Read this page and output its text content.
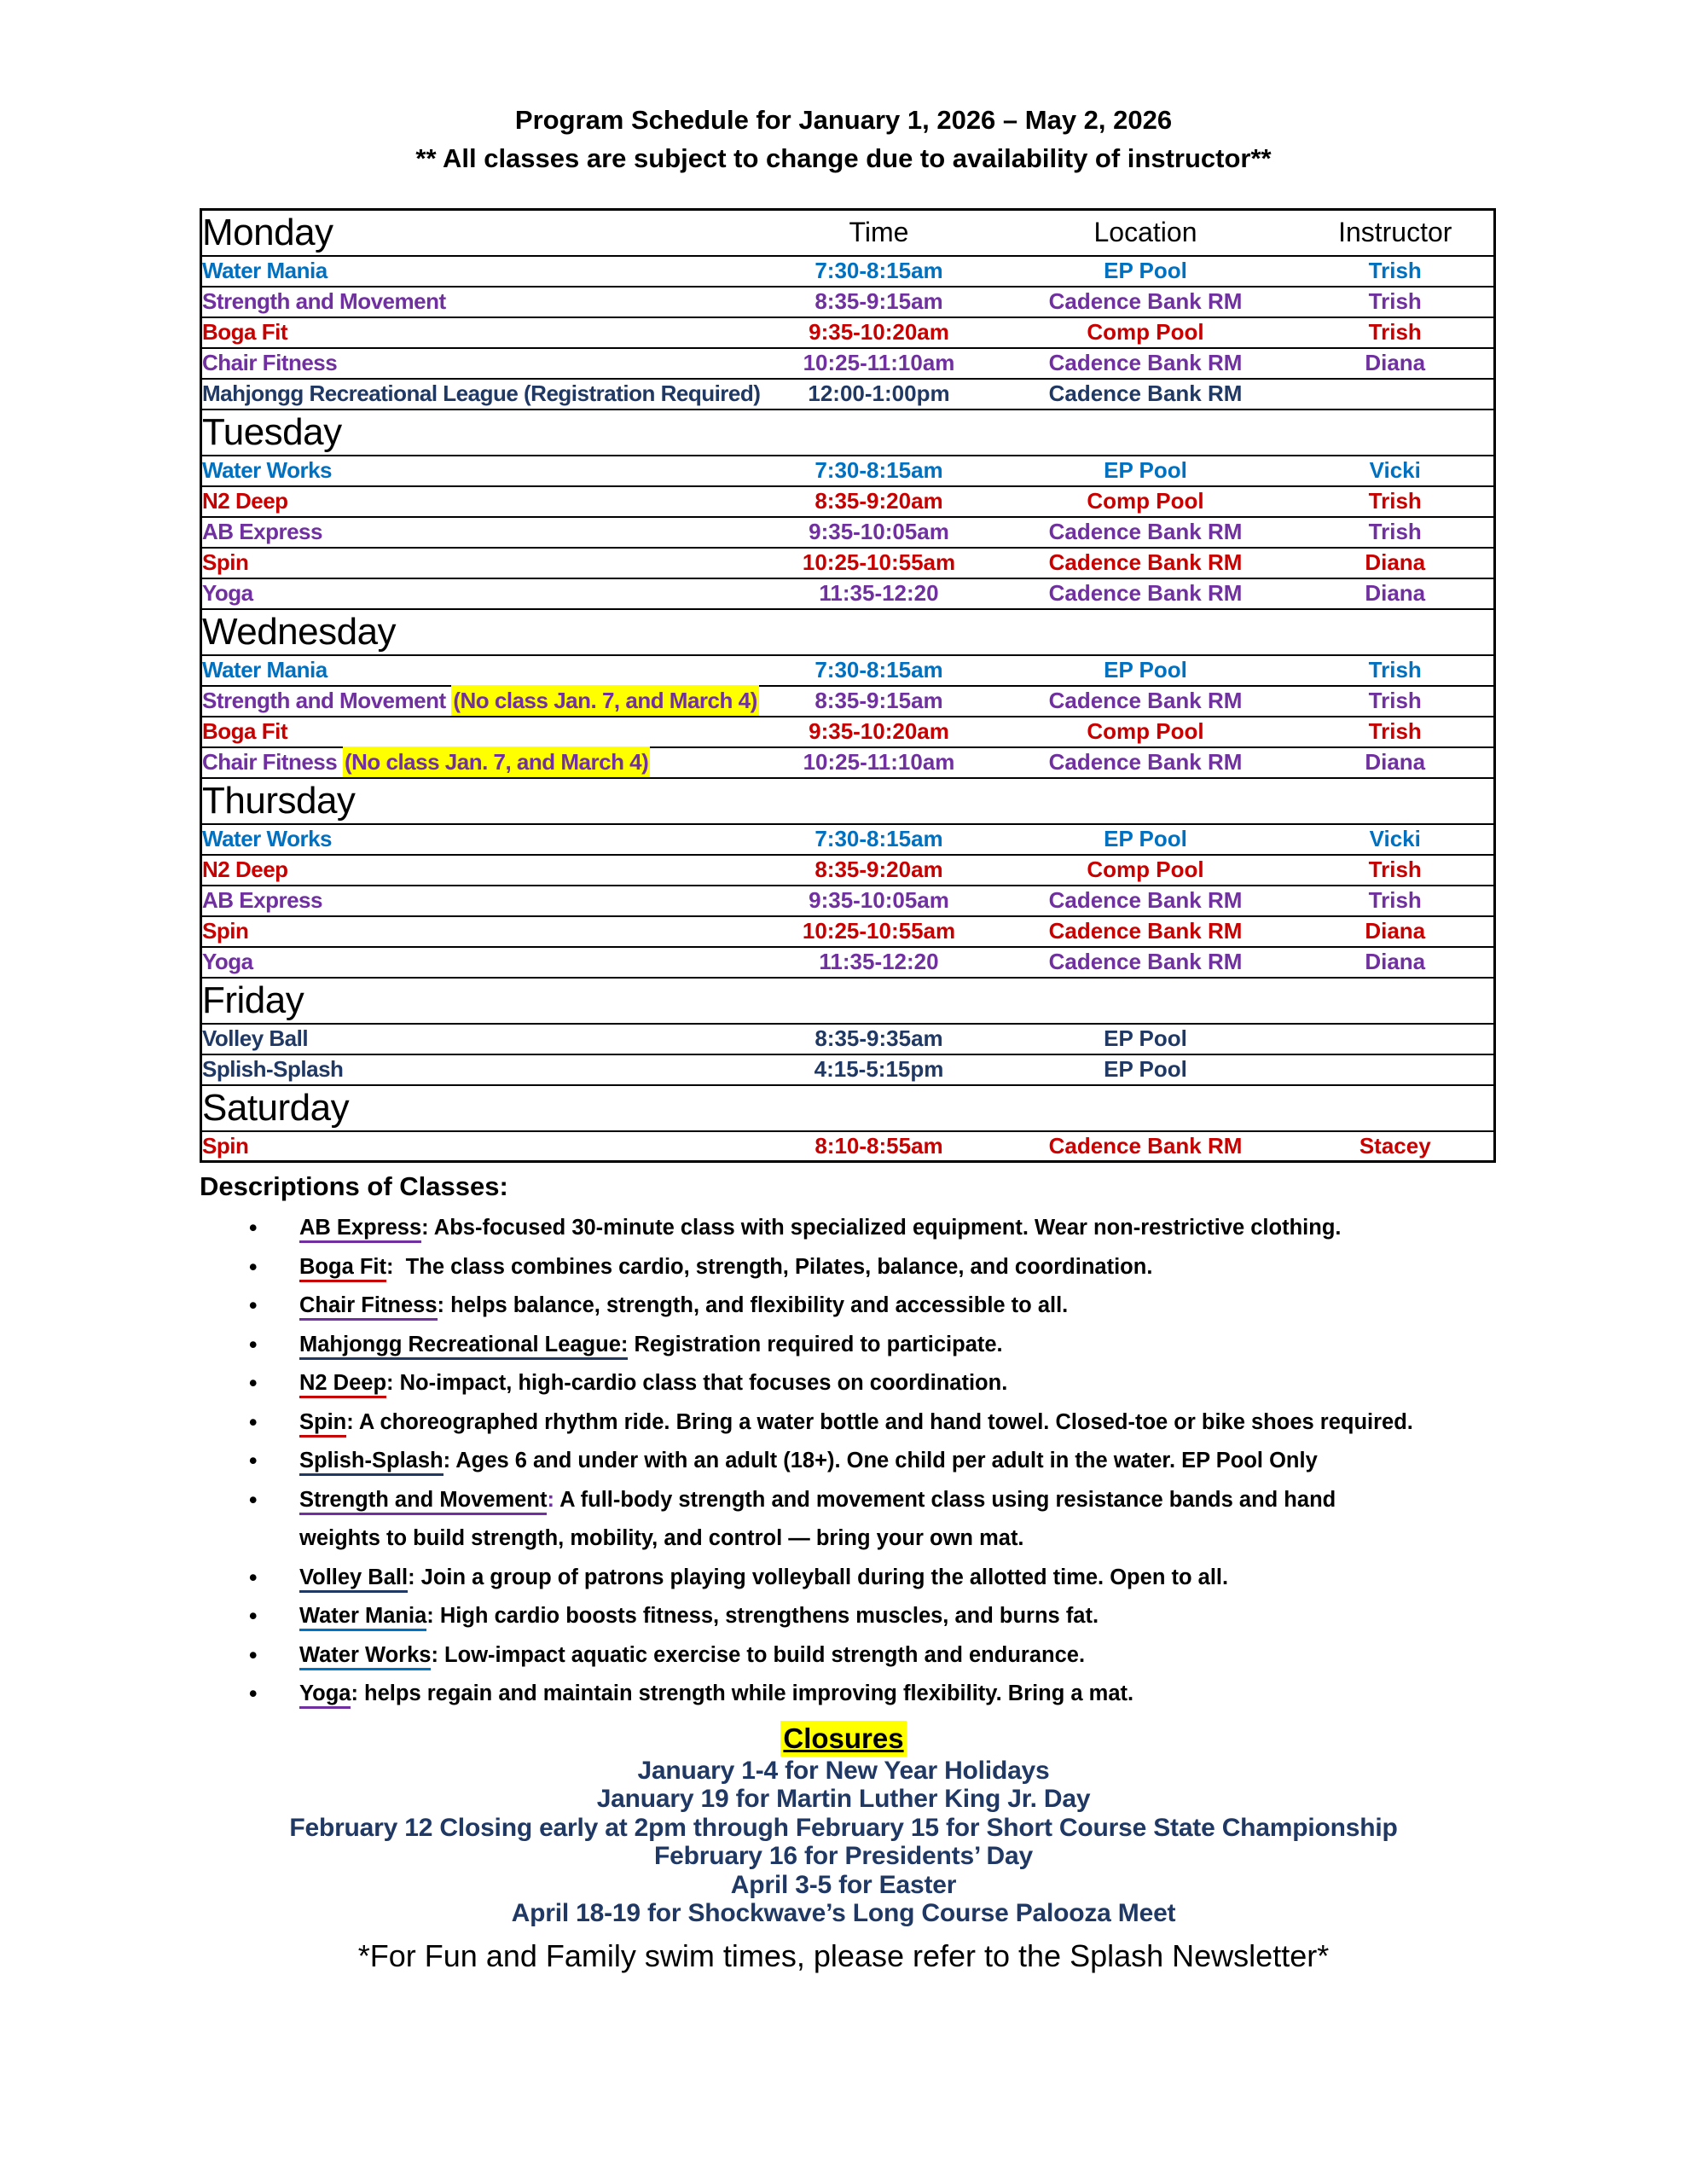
Program Schedule for January 1, 2026 – May 2, 2026
** All classes are subject to change due to availability of instructor**
Monday	Time	Location	Instructor
Water Mania	7:30-8:15am	EP Pool	Trish
Strength and Movement	8:35-9:15am	Cadence Bank RM	Trish
Boga Fit	9:35-10:20am	Comp Pool	Trish
Chair Fitness	10:25-11:10am	Cadence Bank RM	Diana
Mahjongg Recreational League (Registration Required)	12:00-1:00pm	Cadence Bank RM	
Tuesday			
Water Works	7:30-8:15am	EP Pool	Vicki
N2 Deep	8:35-9:20am	Comp Pool	Trish
AB Express	9:35-10:05am	Cadence Bank RM	Trish
Spin	10:25-10:55am	Cadence Bank RM	Diana
Yoga	11:35-12:20	Cadence Bank RM	Diana
Wednesday			
Water Mania	7:30-8:15am	EP Pool	Trish
Strength and Movement (No class Jan. 7, and March 4)	8:35-9:15am	Cadence Bank RM	Trish
Boga Fit	9:35-10:20am	Comp Pool	Trish
Chair Fitness (No class Jan. 7, and March 4)	10:25-11:10am	Cadence Bank RM	Diana
Thursday			
Water Works	7:30-8:15am	EP Pool	Vicki
N2 Deep	8:35-9:20am	Comp Pool	Trish
AB Express	9:35-10:05am	Cadence Bank RM	Trish
Spin	10:25-10:55am	Cadence Bank RM	Diana
Yoga	11:35-12:20	Cadence Bank RM	Diana
Friday			
Volley Ball	8:35-9:35am	EP Pool	
Splish-Splash	4:15-5:15pm	EP Pool	
Saturday			
Spin	8:10-8:55am	Cadence Bank RM	Stacey
Descriptions of Classes:
• AB Express: Abs-focused 30-minute class with specialized equipment. Wear non-restrictive clothing.
• Boga Fit:  The class combines cardio, strength, Pilates, balance, and coordination.
• Chair Fitness: helps balance, strength, and flexibility and accessible to all.
• Mahjongg Recreational League: Registration required to participate.
• N2 Deep: No-impact, high-cardio class that focuses on coordination.
• Spin: A choreographed rhythm ride. Bring a water bottle and hand towel. Closed-toe or bike shoes required.
• Splish-Splash: Ages 6 and under with an adult (18+). One child per adult in the water. EP Pool Only
• Strength and Movement: A full-body strength and movement class using resistance bands and hand weights to build strength, mobility, and control — bring your own mat.
• Volley Ball: Join a group of patrons playing volleyball during the allotted time. Open to all.
• Water Mania: High cardio boosts fitness, strengthens muscles, and burns fat.
• Water Works: Low-impact aquatic exercise to build strength and endurance.
• Yoga: helps regain and maintain strength while improving flexibility. Bring a mat.
Closures
January 1-4 for New Year Holidays
January 19 for Martin Luther King Jr. Day
February 12 Closing early at 2pm through February 15 for Short Course State Championship
February 16 for Presidents’ Day
April 3-5 for Easter
April 18-19 for Shockwave’s Long Course Palooza Meet
*For Fun and Family swim times, please refer to the Splash Newsletter*
